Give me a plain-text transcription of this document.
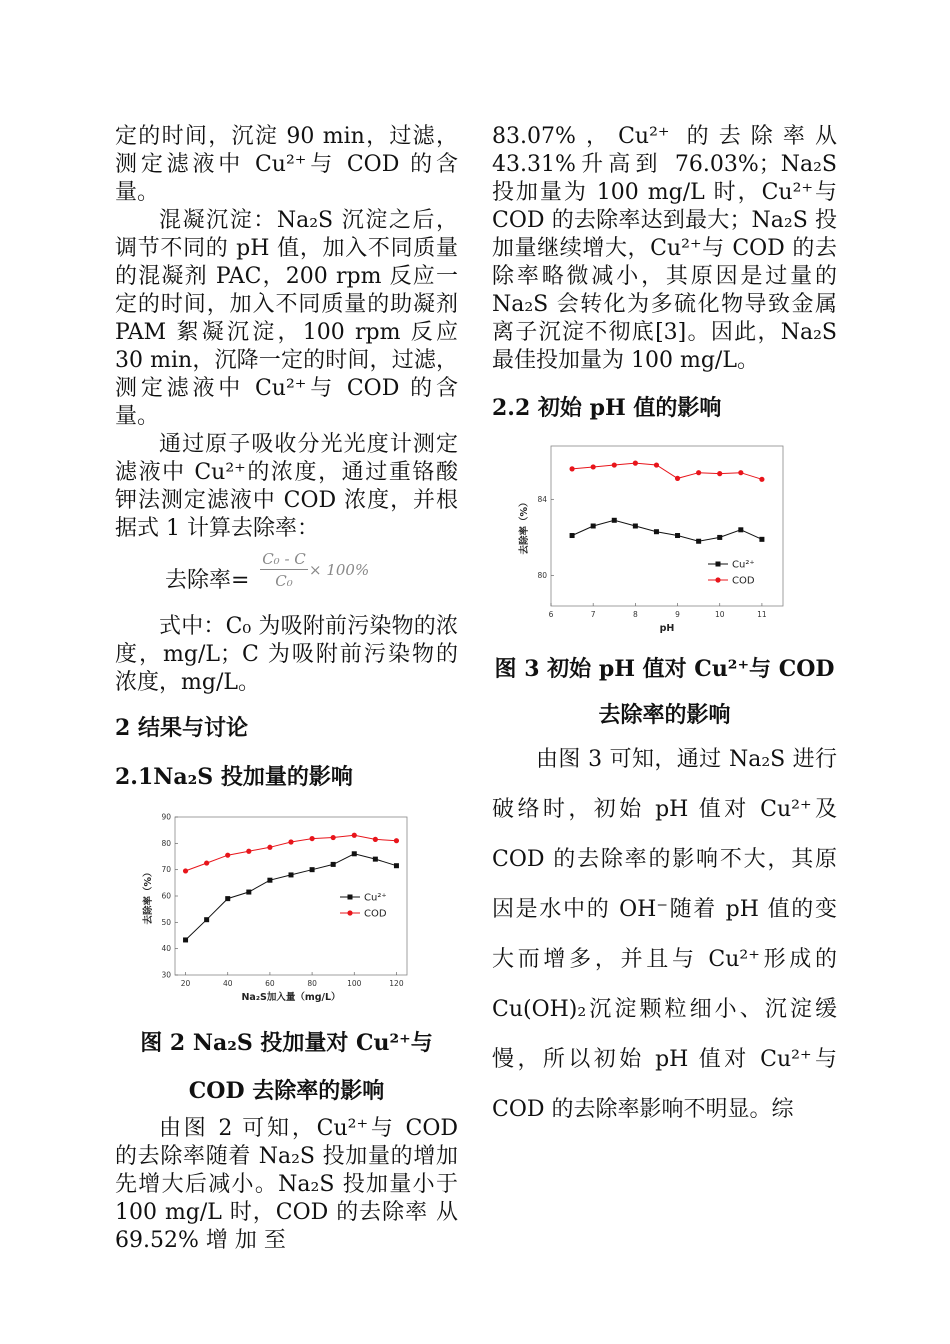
定的时间，沉淀 90 min，过滤，测定滤液中 Cu²⁺与 COD 的含量。

混凝沉淀：Na₂S 沉淀之后，调节不同的 pH 值，加入不同质量的混凝剂 PAC，200 rpm 反应一定的时间，加入不同质量的助凝剂 PAM 絮凝沉淀，100 rpm 反应 30 min，沉降一定的时间，过滤，测定滤液中 Cu²⁺与 COD 的含量。

通过原子吸收分光光度计测定滤液中 Cu²⁺的浓度，通过重铬酸钾法测定滤液中 COD 浓度，并根据式 1 计算去除率：

去除率= $\frac{\text{C₀ - C}}{\text{C₀}} \times 100\%$

式中：C₀ 为吸附前污染物的浓度，mg/L；C 为吸附前污染物的浓度，mg/L。

2 结果与讨论

2.1Na₂S 投加量的影响

20	40	60	80	100	120
30
40
50
60
70
80
90
Na₂S加入量（mg/L）
去除率（%）	Cu²⁺
COD

图 2 Na₂S 投加量对 Cu²⁺与

COD 去除率的影响

由图 2 可知，Cu²⁺与 COD 的去除率随着 Na₂S 投加量的增加先增大后减小。Na₂S 投加量小于 100 mg/L 时，COD 的去除率 从 69.52% 增 加 至

83.07%，Cu²⁺ 的去除率从 43.31%升高到 76.03%；Na₂S 投加量为 100 mg/L 时，Cu²⁺与 COD 的去除率达到最大；Na₂S 投加量继续增大，Cu²⁺与 COD 的去除率略微减小，其原因是过量的 Na₂S 会转化为多硫化物导致金属离子沉淀不彻底[3]。因此，Na₂S 最佳投加量为 100 mg/L。

2.2 初始 pH 值的影响

6	7	8	9	10	11
80
84
pH
去除率（%）
Cu²⁺
COD

图 3 初始 pH 值对 Cu²⁺与 COD

去除率的影响

由图 3 可知，通过 Na₂S 进行破络时，初始 pH 值对 Cu²⁺及 COD 的去除率的影响不大，其原因是水中的 OH⁻随着 pH 值的变大而增多，并且与 Cu²⁺形成的 Cu(OH)₂沉淀颗粒细小、沉淀缓慢，所以初始 pH 值对 Cu²⁺与 COD 的去除率影响不明显。综
